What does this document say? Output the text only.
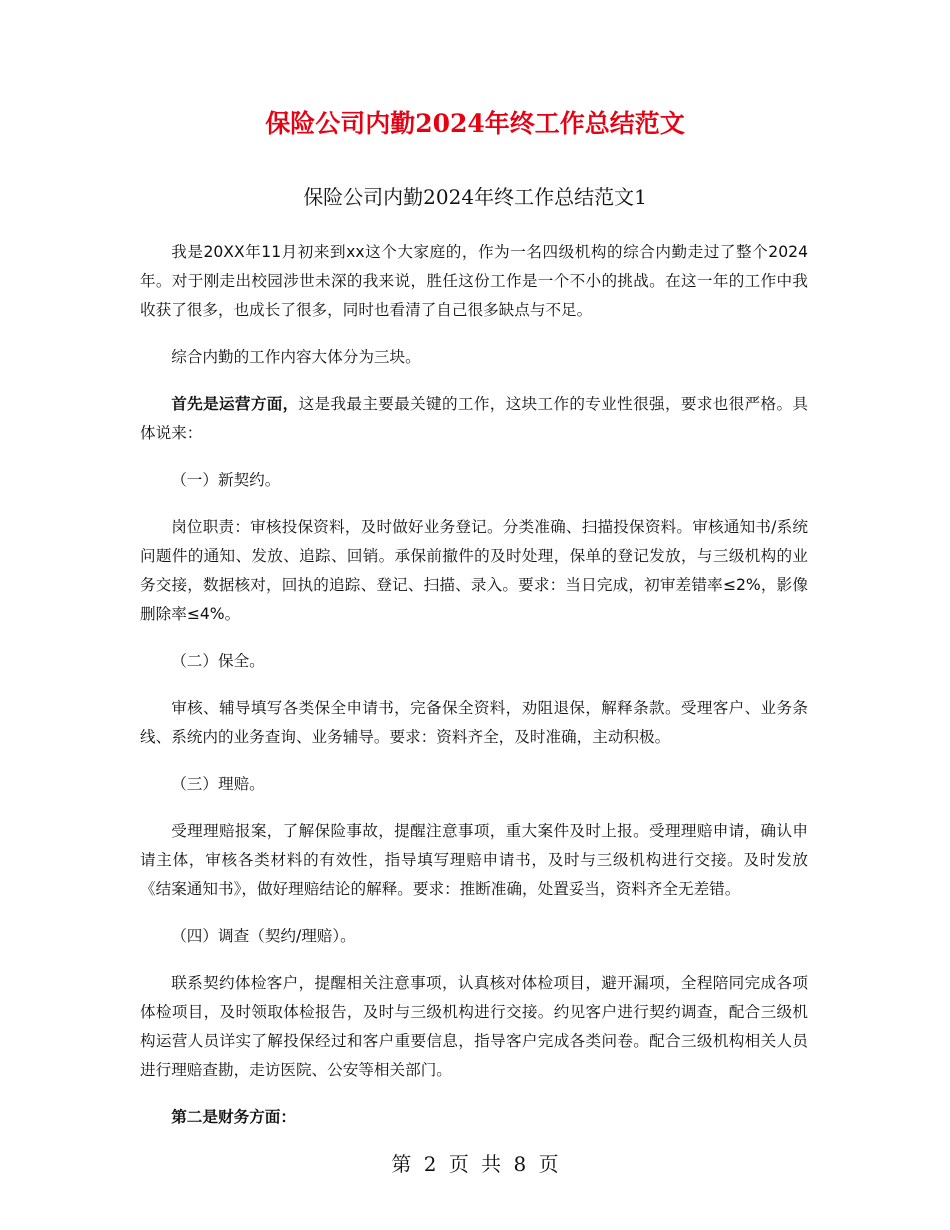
保险公司内勤2024年终工作总结范文
保险公司内勤2024年终工作总结范文1

我是20XX年11月初来到xx这个大家庭的，作为一名四级机构的综合内勤走过了整个2024年。对于刚走出校园涉世未深的我来说，胜任这份工作是一个不小的挑战。在这一年的工作中我收获了很多，也成长了很多，同时也看清了自己很多缺点与不足。

综合内勤的工作内容大体分为三块。

首先是运营方面，这是我最主要最关键的工作，这块工作的专业性很强，要求也很严格。具体说来：

（一）新契约。

岗位职责：审核投保资料，及时做好业务登记。分类准确、扫描投保资料。审核通知书/系统问题件的通知、发放、追踪、回销。承保前撤件的及时处理，保单的登记发放，与三级机构的业务交接，数据核对，回执的追踪、登记、扫描、录入。要求：当日完成，初审差错率≤2%，影像删除率≤4%。

（二）保全。

审核、辅导填写各类保全申请书，完备保全资料，劝阻退保，解释条款。受理客户、业务条线、系统内的业务查询、业务辅导。要求：资料齐全，及时准确，主动积极。

（三）理赔。

受理理赔报案，了解保险事故，提醒注意事项，重大案件及时上报。受理理赔申请，确认申请主体，审核各类材料的有效性，指导填写理赔申请书，及时与三级机构进行交接。及时发放《结案通知书》，做好理赔结论的解释。要求：推断准确，处置妥当，资料齐全无差错。

（四）调查（契约/理赔）。

联系契约体检客户，提醒相关注意事项，认真核对体检项目，避开漏项，全程陪同完成各项体检项目，及时领取体检报告，及时与三级机构进行交接。约见客户进行契约调查，配合三级机构运营人员详实了解投保经过和客户重要信息，指导客户完成各类问卷。配合三级机构相关人员进行理赔查勘，走访医院、公安等相关部门。

第二是财务方面：

第 2 页 共 8 页
